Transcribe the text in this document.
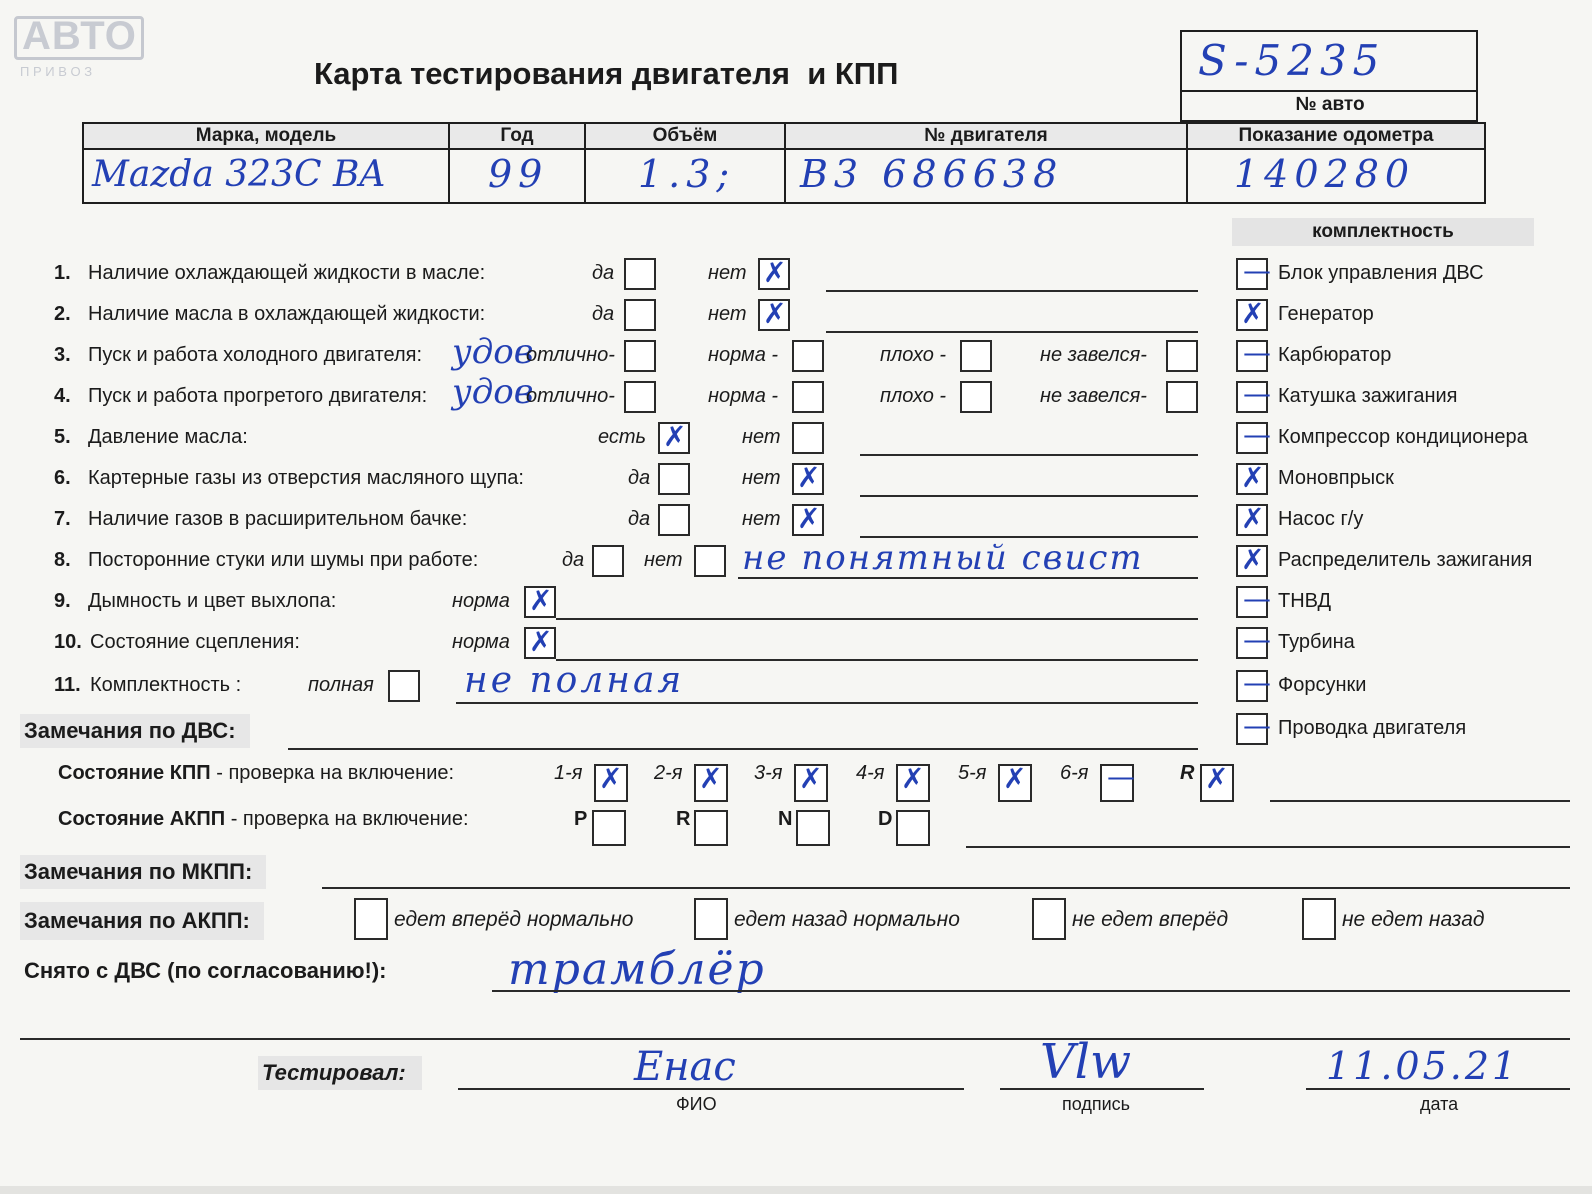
АВТО
П Р И В О З	Карта тестирования двигателя  и КПП	S-5235
№ авто
Марка, модель	Год	Объём	№ двигателя	Показание одометра

Mazda 323C BA	99	1.3;	B3 686638	140280
комплектность
— Блок управления ДВС
✗ Генератор
— Карбюратор
— Катушка зажигания
— Компрессор кондиционера
✗ Моновпрыск
✗ Насос г/у
✗ Распределитель зажигания
— ТНВД
— Турбина
— Форсунки
— Проводка двигателя
1. Наличие охлаждающей жидкости в масле:	да	нет ✗
2. Наличие масла в охлаждающей жидкости:	да	нет ✗
3. Пуск и работа холодного двигателя: удов
отлично-	норма -	плохо -	не завелся-
4. Пуск и работа прогретого двигателя: удов
отлично-	норма -	плохо -	не завелся-
5. Давление масла:	есть ✗	нет
6. Картерные газы из отверстия масляного щупа:	да	нет ✗
7. Наличие газов в расширительном бачке:	да	нет ✗
8. Посторонние стуки или шумы при работе:	да	нет не понятный свист
9. Дымность и цвет выхлопа:	норма ✗
10. Состояние сцепления:	норма ✗
11. Комплектность :	полная	не полная
Замечания по ДВС:
Состояние КПП - проверка на включение:	1-я ✗ 2-я ✗ 3-я ✗ 4-я ✗ 5-я ✗ 6-я — R ✗
Состояние АКПП - проверка на включение:	P	R	N	D
Замечания по МКПП:
Замечания по АКПП:	едет вперёд нормально	едет назад нормально	не едет вперёд	не едет назад
Снято с ДВС (по согласованию!):	трамблёр
Тестировал:	Енас
ФИО
Vlw
подпись
11.05.21
дата
